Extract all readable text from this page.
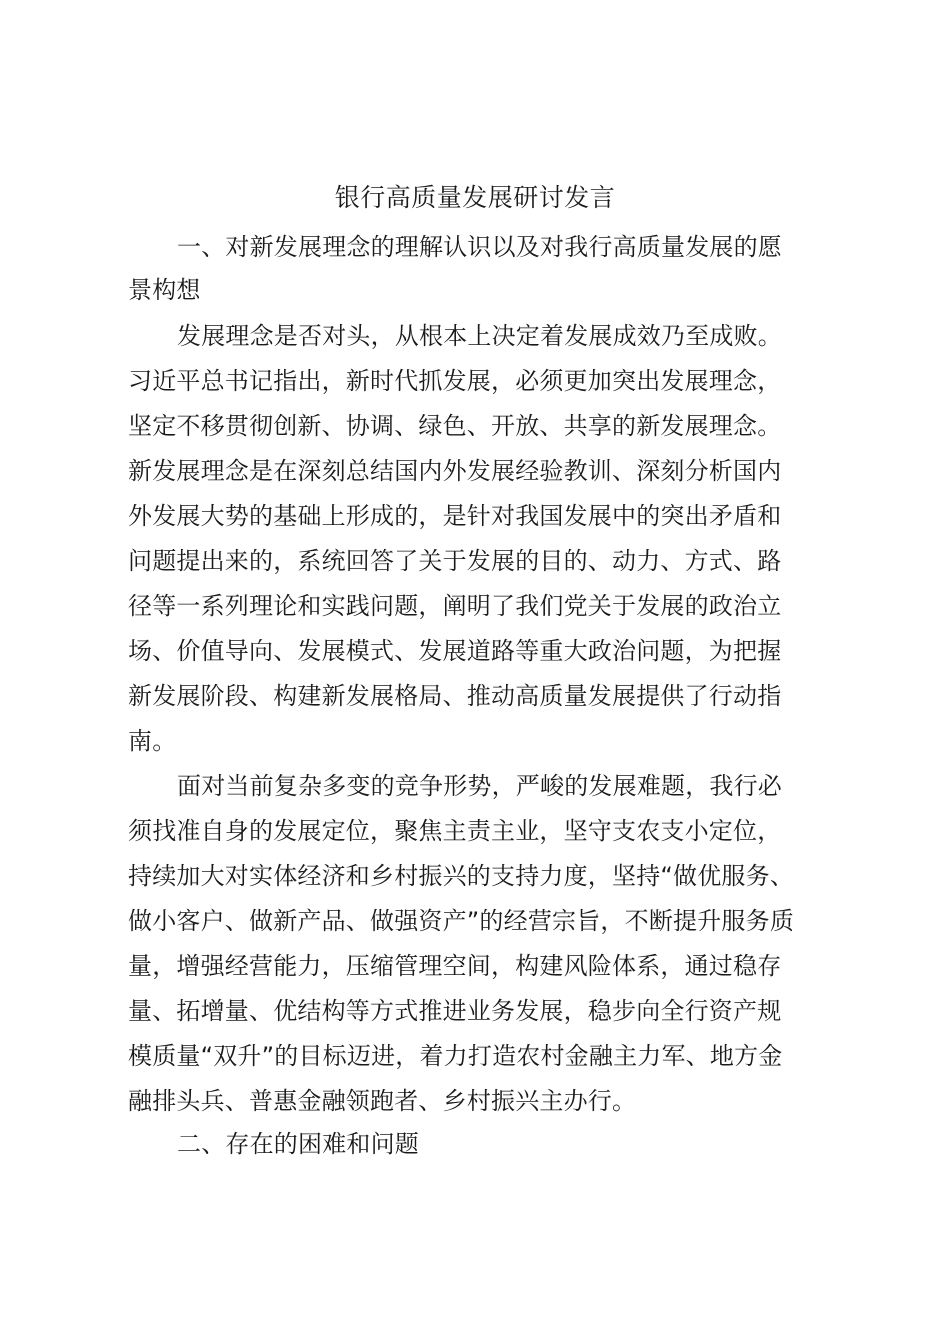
银行高质量发展研讨发言
一、对新发展理念的理解认识以及对我行高质量发展的愿
景构想
发展理念是否对头，从根本上决定着发展成效乃至成败。
习近平总书记指出，新时代抓发展，必须更加突出发展理念，
坚定不移贯彻创新、协调、绿色、开放、共享的新发展理念。
新发展理念是在深刻总结国内外发展经验教训、深刻分析国内
外发展大势的基础上形成的，是针对我国发展中的突出矛盾和
问题提出来的，系统回答了关于发展的目的、动力、方式、路
径等一系列理论和实践问题，阐明了我们党关于发展的政治立
场、价值导向、发展模式、发展道路等重大政治问题，为把握
新发展阶段、构建新发展格局、推动高质量发展提供了行动指
南。
面对当前复杂多变的竞争形势，严峻的发展难题，我行必
须找准自身的发展定位，聚焦主责主业，坚守支农支小定位，
持续加大对实体经济和乡村振兴的支持力度，坚持“做优服务、
做小客户、做新产品、做强资产”的经营宗旨，不断提升服务质
量，增强经营能力，压缩管理空间，构建风险体系，通过稳存
量、拓增量、优结构等方式推进业务发展，稳步向全行资产规
模质量“双升”的目标迈进，着力打造农村金融主力军、地方金
融排头兵、普惠金融领跑者、乡村振兴主办行。
二、存在的困难和问题
